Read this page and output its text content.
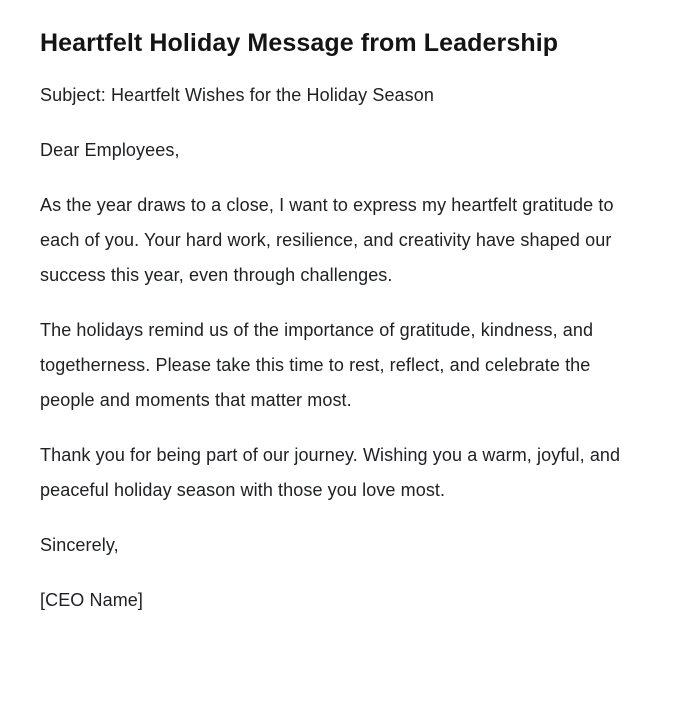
Heartfelt Holiday Message from Leadership

Subject: Heartfelt Wishes for the Holiday Season

Dear Employees,

As the year draws to a close, I want to express my heartfelt gratitude to each of you. Your hard work, resilience, and creativity have shaped our success this year, even through challenges.

The holidays remind us of the importance of gratitude, kindness, and togetherness. Please take this time to rest, reflect, and celebrate the people and moments that matter most.

Thank you for being part of our journey. Wishing you a warm, joyful, and peaceful holiday season with those you love most.

Sincerely,

[CEO Name]
